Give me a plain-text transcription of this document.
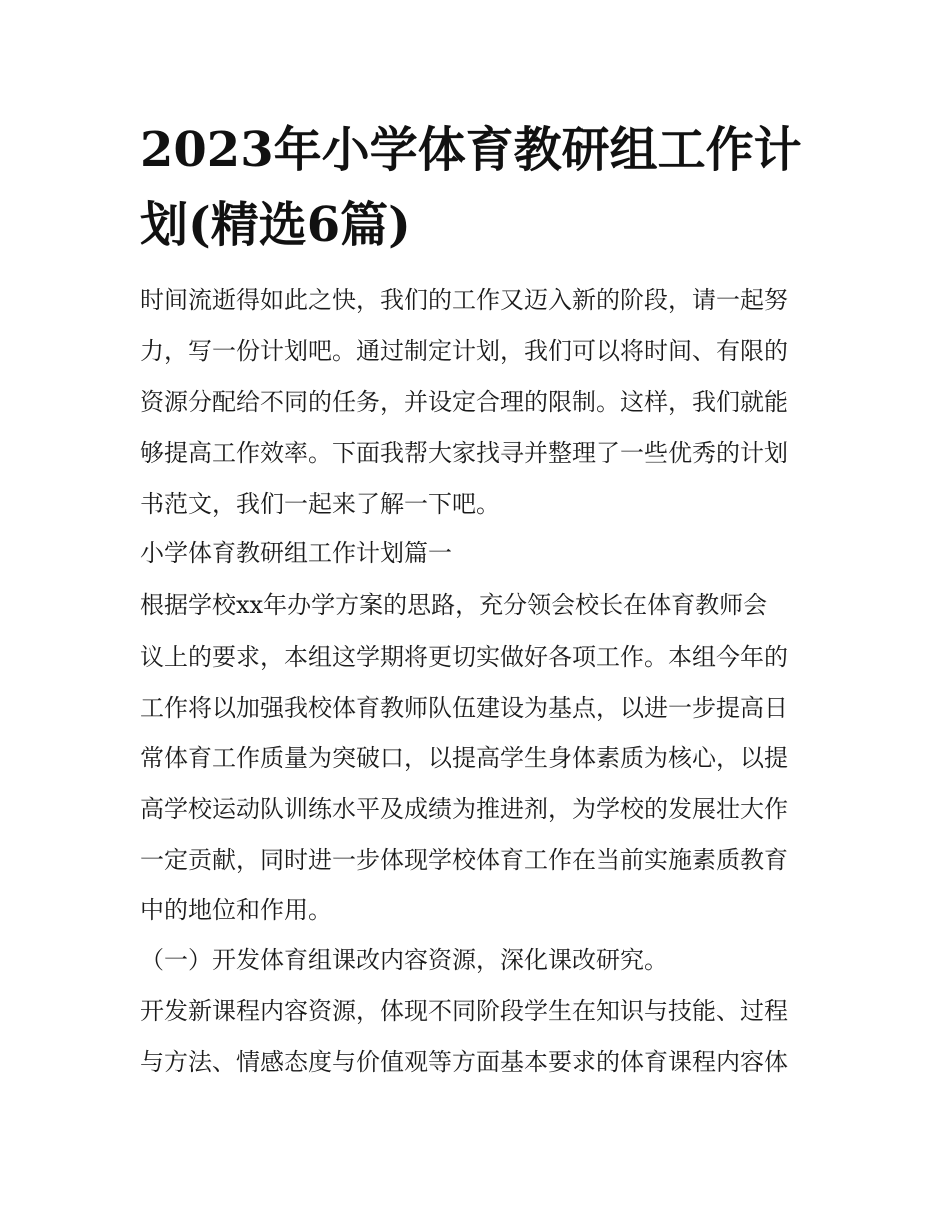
2023年小学体育教研组工作计划(精选6篇)
时间流逝得如此之快，我们的工作又迈入新的阶段，请一起努
力，写一份计划吧。通过制定计划，我们可以将时间、有限的
资源分配给不同的任务，并设定合理的限制。这样，我们就能
够提高工作效率。下面我帮大家找寻并整理了一些优秀的计划
书范文，我们一起来了解一下吧。
小学体育教研组工作计划篇一
根据学校xx年办学方案的思路，充分领会校长在体育教师会
议上的要求，本组这学期将更切实做好各项工作。本组今年的
工作将以加强我校体育教师队伍建设为基点，以进一步提高日
常体育工作质量为突破口，以提高学生身体素质为核心，以提
高学校运动队训练水平及成绩为推进剂，为学校的发展壮大作
一定贡献，同时进一步体现学校体育工作在当前实施素质教育
中的地位和作用。
（一）开发体育组课改内容资源，深化课改研究。
开发新课程内容资源，体现不同阶段学生在知识与技能、过程
与方法、情感态度与价值观等方面基本要求的体育课程内容体
